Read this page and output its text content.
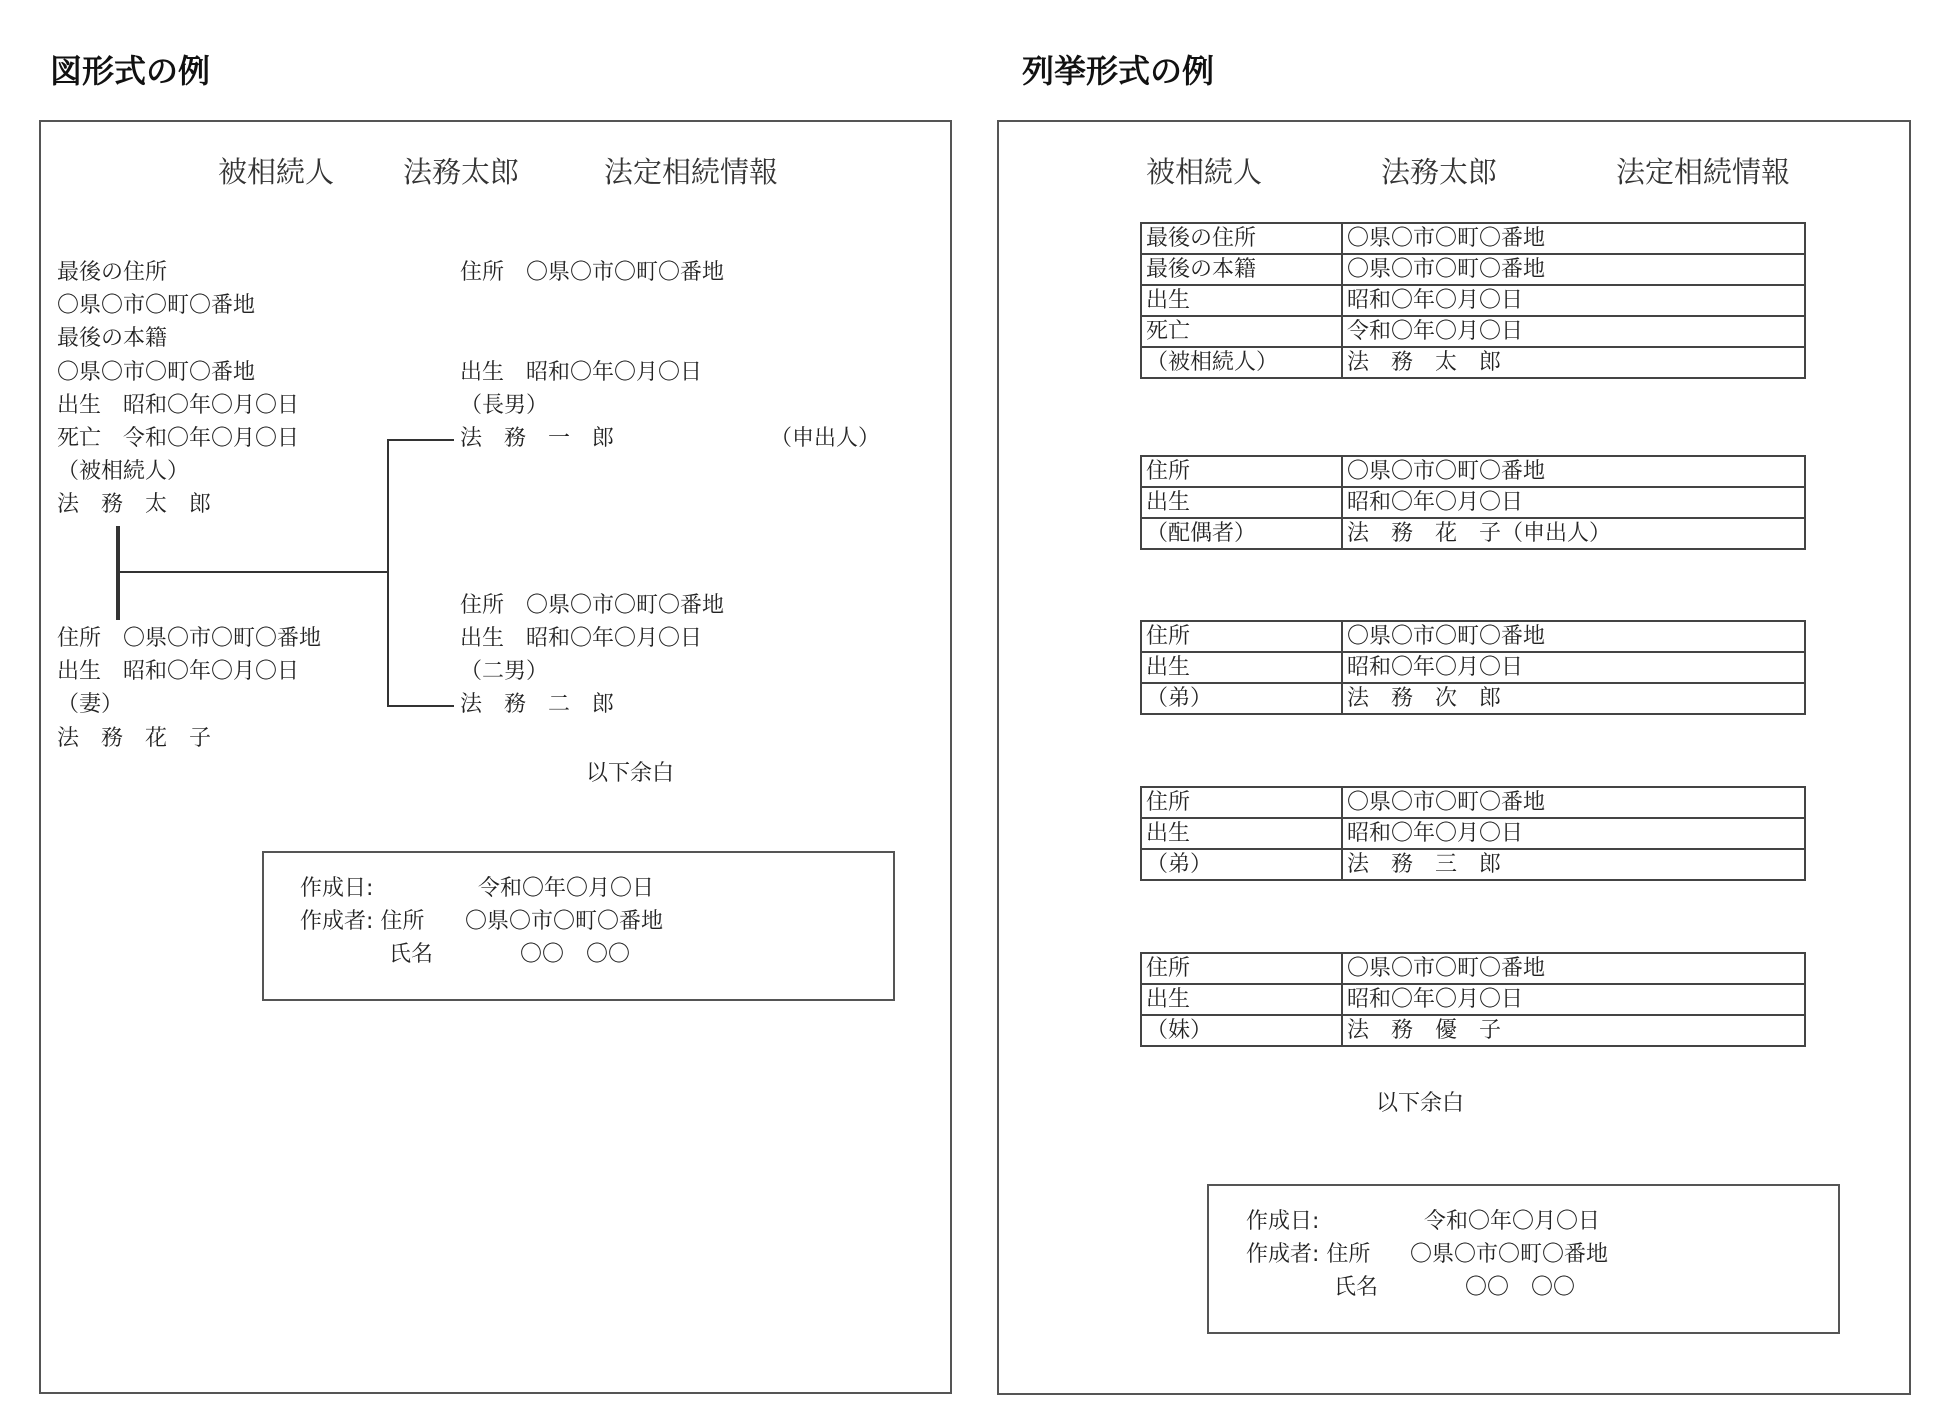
図形式の例
被相続人 法務太郎	法定相続情報
最後の住所
〇県〇市〇町〇番地
最後の本籍
〇県〇市〇町〇番地
出生　昭和〇年〇月〇日
死亡　令和〇年〇月〇日
（被相続人）
法　務　太　郎
住所　〇県〇市〇町〇番地
出生　昭和〇年〇月〇日
（妻）
法　務　花　子
住所　〇県〇市〇町〇番地
出生　昭和〇年〇月〇日
（長男）
法　務　一　郎	（申出人）
住所　〇県〇市〇町〇番地
出生　昭和〇年〇月〇日
（二男）
法　務　二　郎
以下余白
作成日:	令和〇年〇月〇日
作成者: 住所 〇県〇市〇町〇番地
氏名	〇〇　〇〇
列挙形式の例
被相続人	法務太郎	法定相続情報
最後の住所	〇県〇市〇町〇番地
最後の本籍	〇県〇市〇町〇番地
出生	昭和〇年〇月〇日
死亡	令和〇年〇月〇日
（被相続人）	法　務　太　郎
住所	〇県〇市〇町〇番地
出生	昭和〇年〇月〇日
（配偶者）	法　務　花　子（申出人）
住所	〇県〇市〇町〇番地
出生	昭和〇年〇月〇日
（弟）	法　務　次　郎
住所	〇県〇市〇町〇番地
出生	昭和〇年〇月〇日
（弟）	法　務　三　郎
住所	〇県〇市〇町〇番地
出生	昭和〇年〇月〇日
（妹）	法　務　優　子
以下余白
作成日:	令和〇年〇月〇日
作成者: 住所 〇県〇市〇町〇番地
氏名	〇〇　〇〇
